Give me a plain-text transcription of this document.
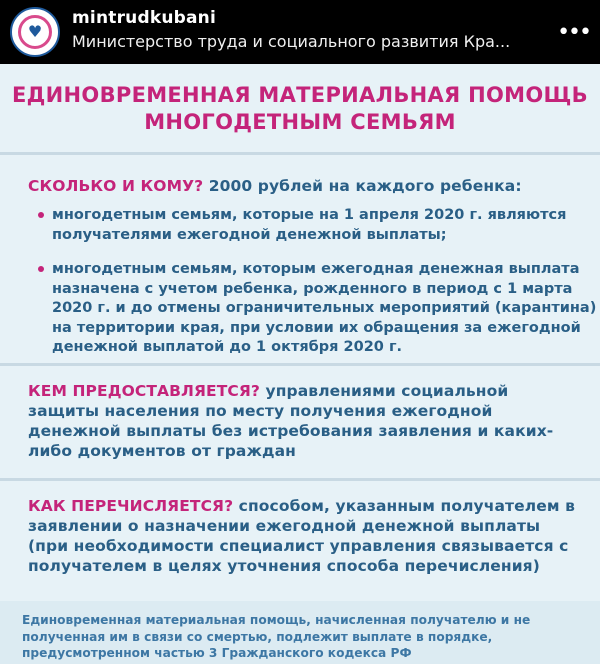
♥
mintrudkubani
Министерство труда и социального развития Кра... •••
ЕДИНОВРЕМЕННАЯ МАТЕРИАЛЬНАЯ ПОМОЩЬ
МНОГОДЕТНЫМ СЕМЬЯМ
СКОЛЬКО И КОМУ? 2000 рублей на каждого ребенка:
многодетным семьям, которые на 1 апреля 2020 г. являются получателями ежегодной денежной выплаты;
многодетным семьям, которым ежегодная денежная выплата назначена с учетом ребенка, рожденного в период с 1 марта 2020 г. и до отмены ограничительных мероприятий (карантина) на территории края, при условии их обращения за ежегодной денежной выплатой до 1 октября 2020 г.
КЕМ ПРЕДОСТАВЛЯЕТСЯ? управлениями социальной защиты населения по месту получения ежегодной денежной выплаты без истребования заявления и каких-либо документов от граждан
КАК ПЕРЕЧИСЛЯЕТСЯ? способом, указанным получателем в заявлении о назначении ежегодной денежной выплаты (при необходимости специалист управления связывается с получателем в целях уточнения способа перечисления)
Единовременная материальная помощь, начисленная получателю и не полученная им в связи со смертью, подлежит выплате в порядке, предусмотренном частью 3 Гражданского кодекса РФ
